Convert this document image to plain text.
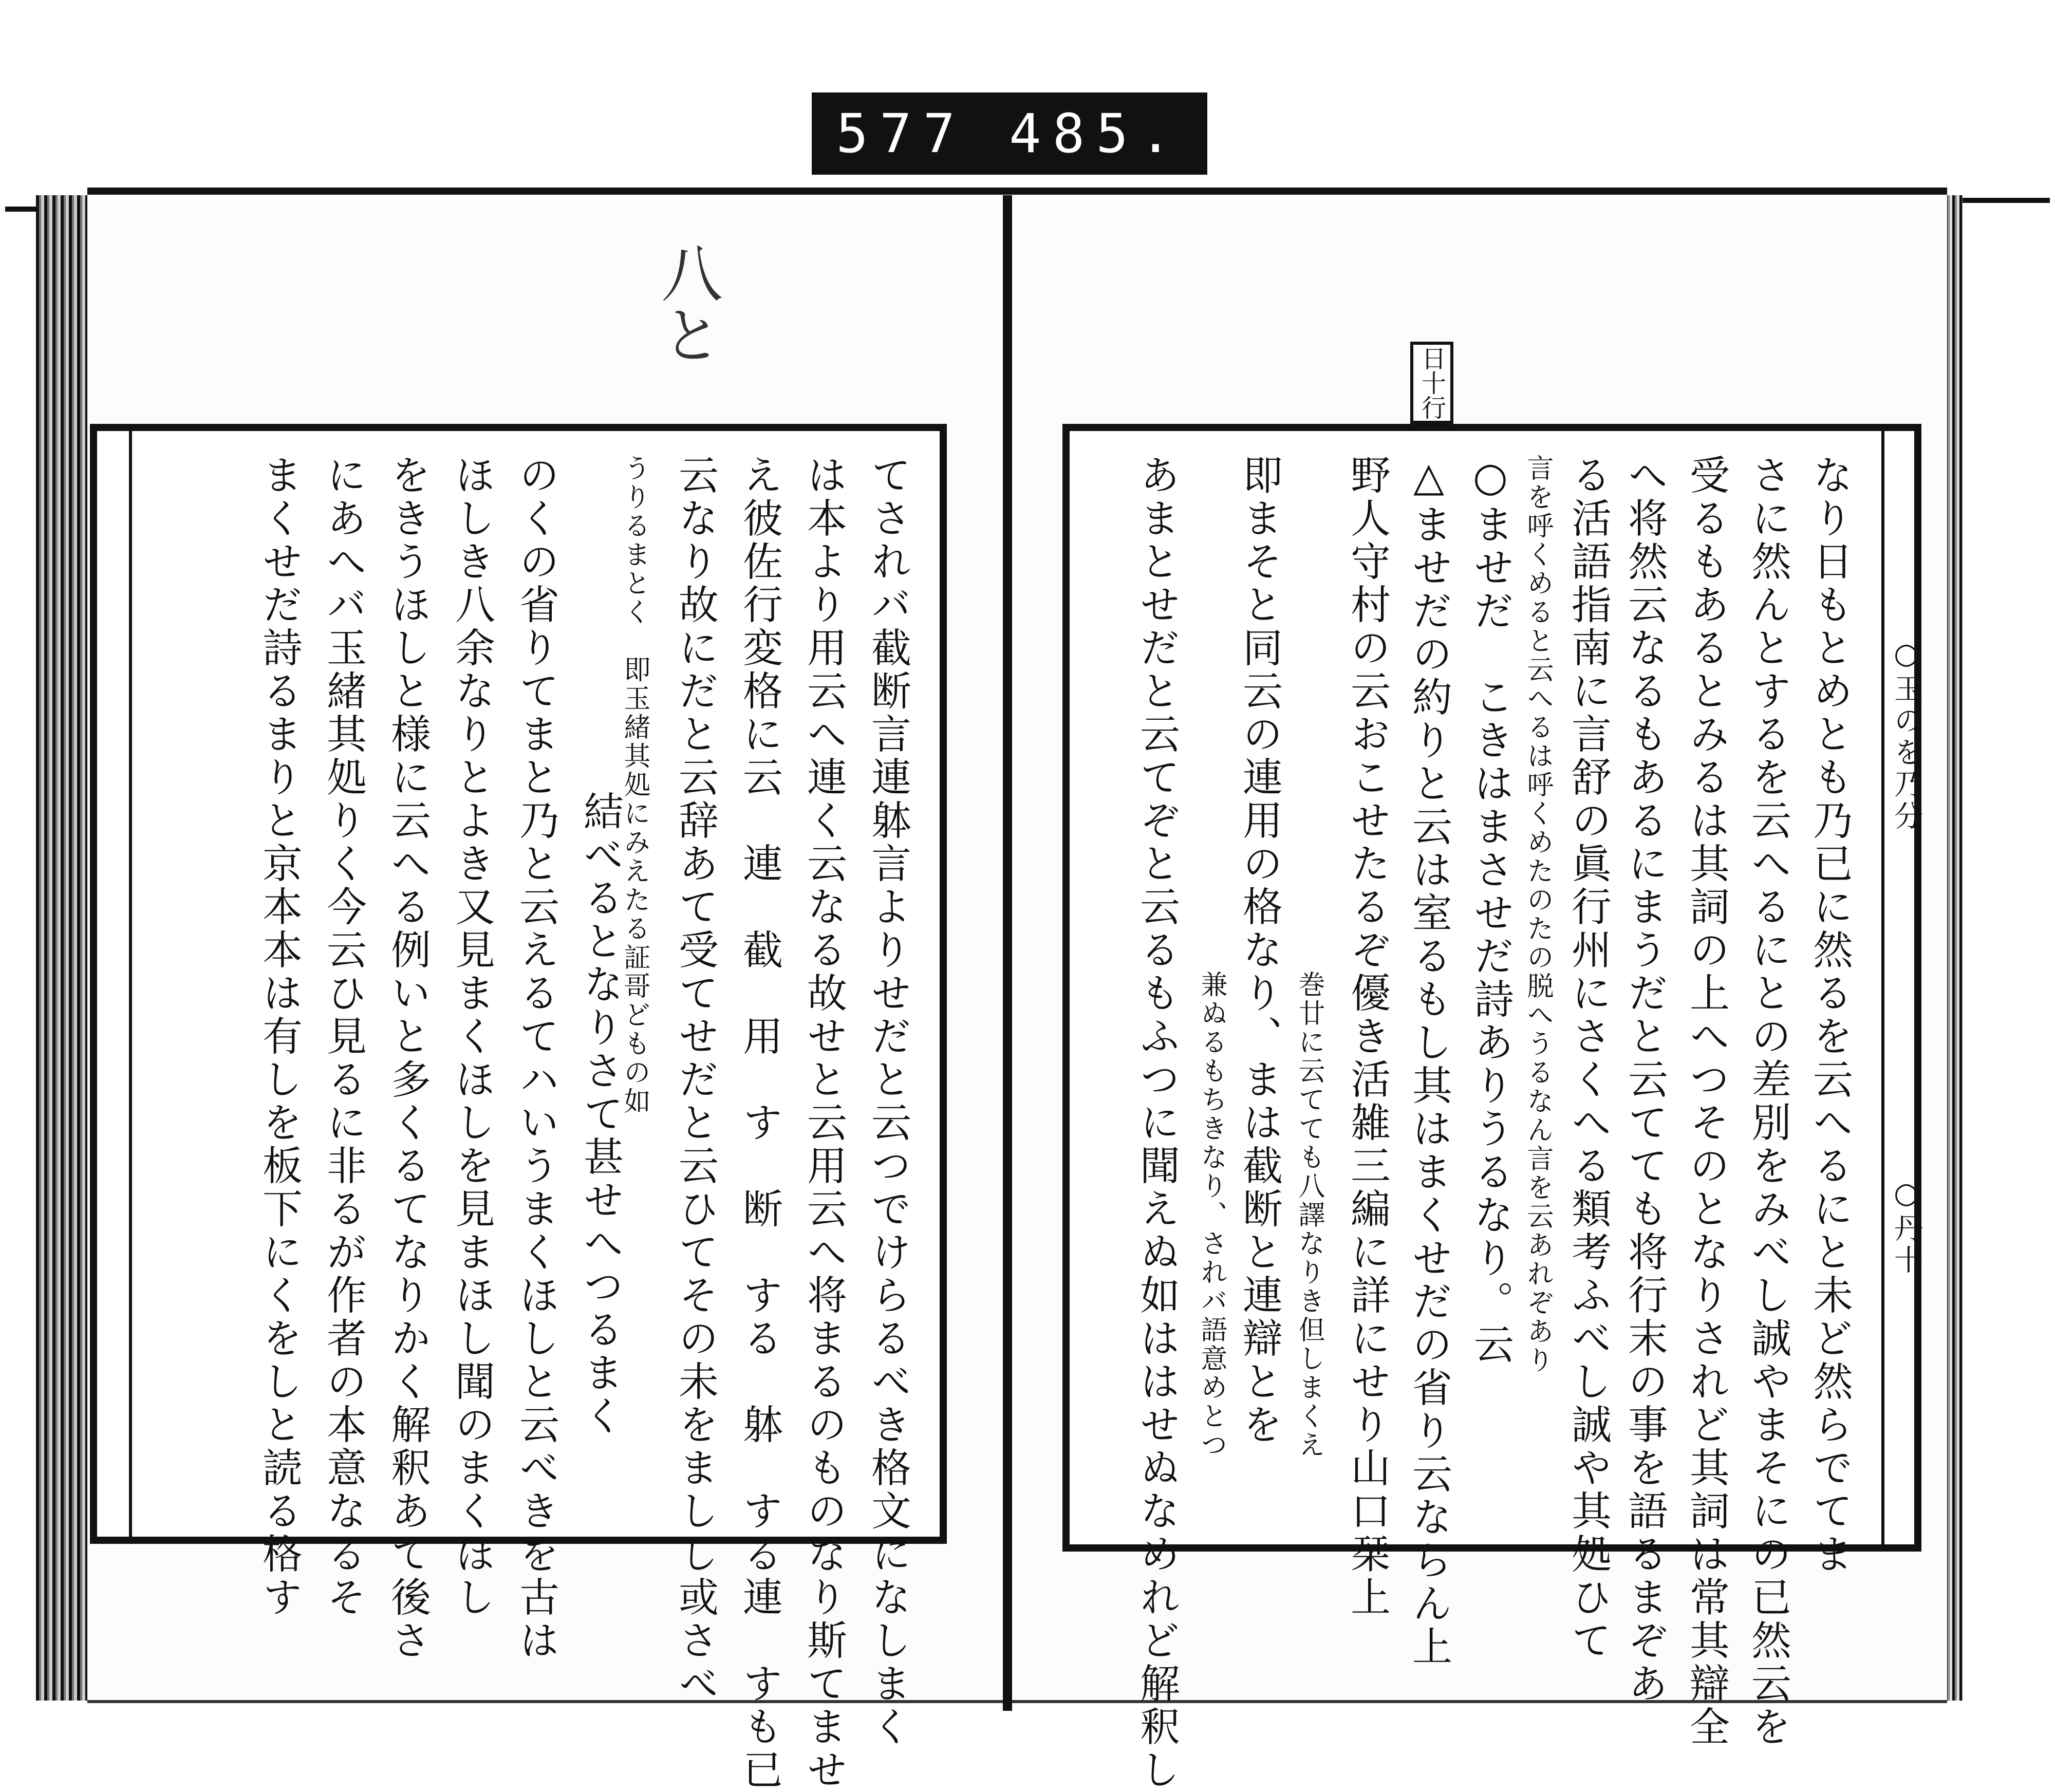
577 485.
八と
日十行
てされバ截断言連躰言よりせだと云つでけらるべき格文になしまく
は本より用云へ連く云なる故せと云用云へ将まるのものなり斯てませ
え彼佐行変格に云　連　截　用　す　断　する　躰　する連　すも已
云なり故にだと云辞あて受てせだと云ひてその未をましし或さべ
うりるまとく　即玉緒其処にみえたる証哥どもの如
結べるとなりさて甚せへつるまく
のくの省りてまと乃と云えるてハいうまくほしと云べきを古は
ほしき八余なりとよき又見まくほしを見まほし聞のまくほし
をきうほしと様に云へる例いと多くるてなりかく解釈あて後さ
にあへバ玉緒其処りく今云ひ見るに非るが作者の本意なるそ
まくせだ詩るまりと京本本は有しを板下にくをしと読る格す	なり日もとめとも乃已に然るを云へるにと未ど然らでてま
さに然んとするを云へるにとの差別をみべし誠やまそにの已然云を
受るもあるとみるは其詞の上へつそのとなりされど其詞は常其辯全
へ将然云なるもあるにまうだと云てても将行末の事を語るまぞあ
る活語指南に言舒の眞行州にさくへる類考ふべし誠や其処ひて
言を呼くめると云へるは呼くめたのたの脱へうるなん言を云あれぞあり
○ませだ　こきはまさせだ詩ありうるなり。云
△ませだの約りと云は室るもし其はまくせだの省り云ならん上
野人守村の云おこせたるぞ優き活雑三編に詳にせり山口栞上
巻廿に云てても八譯なりき但しまくえ
即まそと同云の連用の格なり、まは截断と連辯とを
兼ぬるもちきなり、されバ語意めとつ
あまとせだと云てぞと云るもふつに聞えぬ如ははせぬなめれど解釈し	○玉のを乃分
○丹十
